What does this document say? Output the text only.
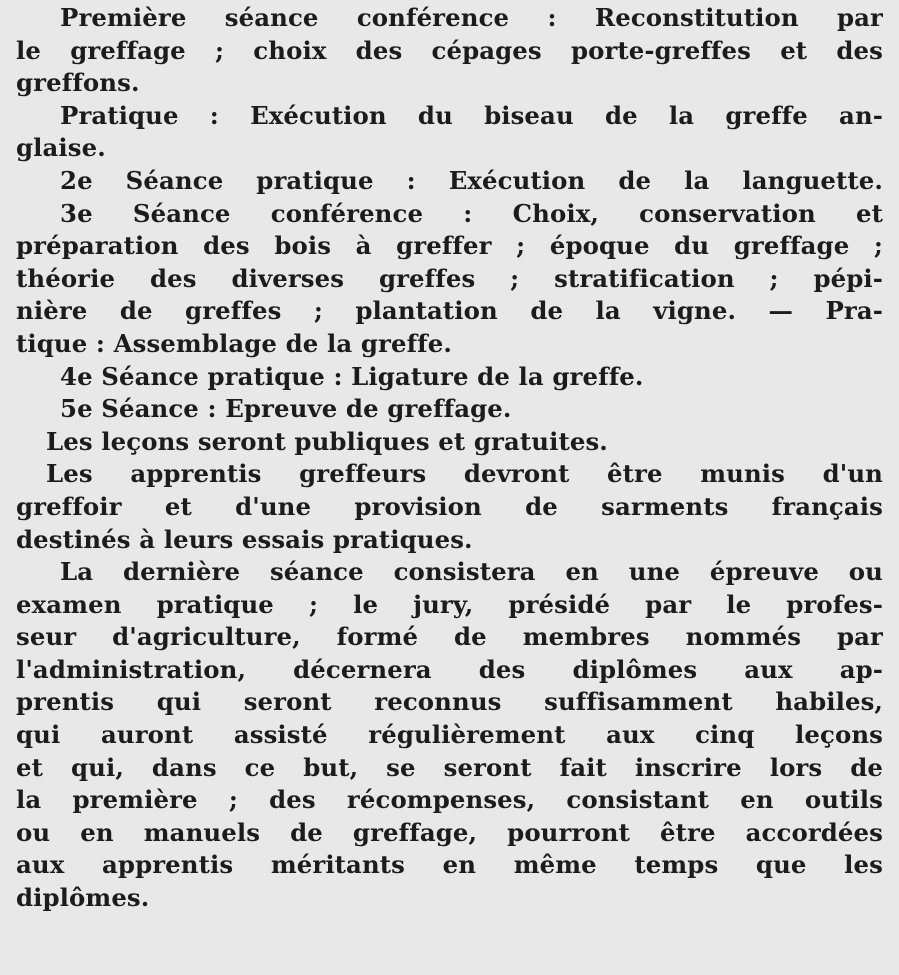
Première séance conférence : Reconstitution par
le greffage ; choix des cépages porte-greffes et des
greffons.
Pratique : Exécution du biseau de la greffe an-
glaise.
2e Séance pratique : Exécution de la languette.
3e Séance conférence : Choix, conservation et
préparation des bois à greffer ; époque du greffage ;
théorie des diverses greffes ; stratification ; pépi-
nière de greffes ; plantation de la vigne. — Pra-
tique : Assemblage de la greffe.
4e Séance pratique : Ligature de la greffe.
5e Séance : Epreuve de greffage.
Les leçons seront publiques et gratuites.
Les apprentis greffeurs devront être munis d'un
greffoir et d'une provision de sarments français
destinés à leurs essais pratiques.
La dernière séance consistera en une épreuve ou
examen pratique ; le jury, présidé par le profes-
seur d'agriculture, formé de membres nommés par
l'administration, décernera des diplômes aux ap-
prentis qui seront reconnus suffisamment habiles,
qui auront assisté régulièrement aux cinq leçons
et qui, dans ce but, se seront fait inscrire lors de
la première ; des récompenses, consistant en outils
ou en manuels de greffage, pourront être accordées
aux apprentis méritants en même temps que les
diplômes.
